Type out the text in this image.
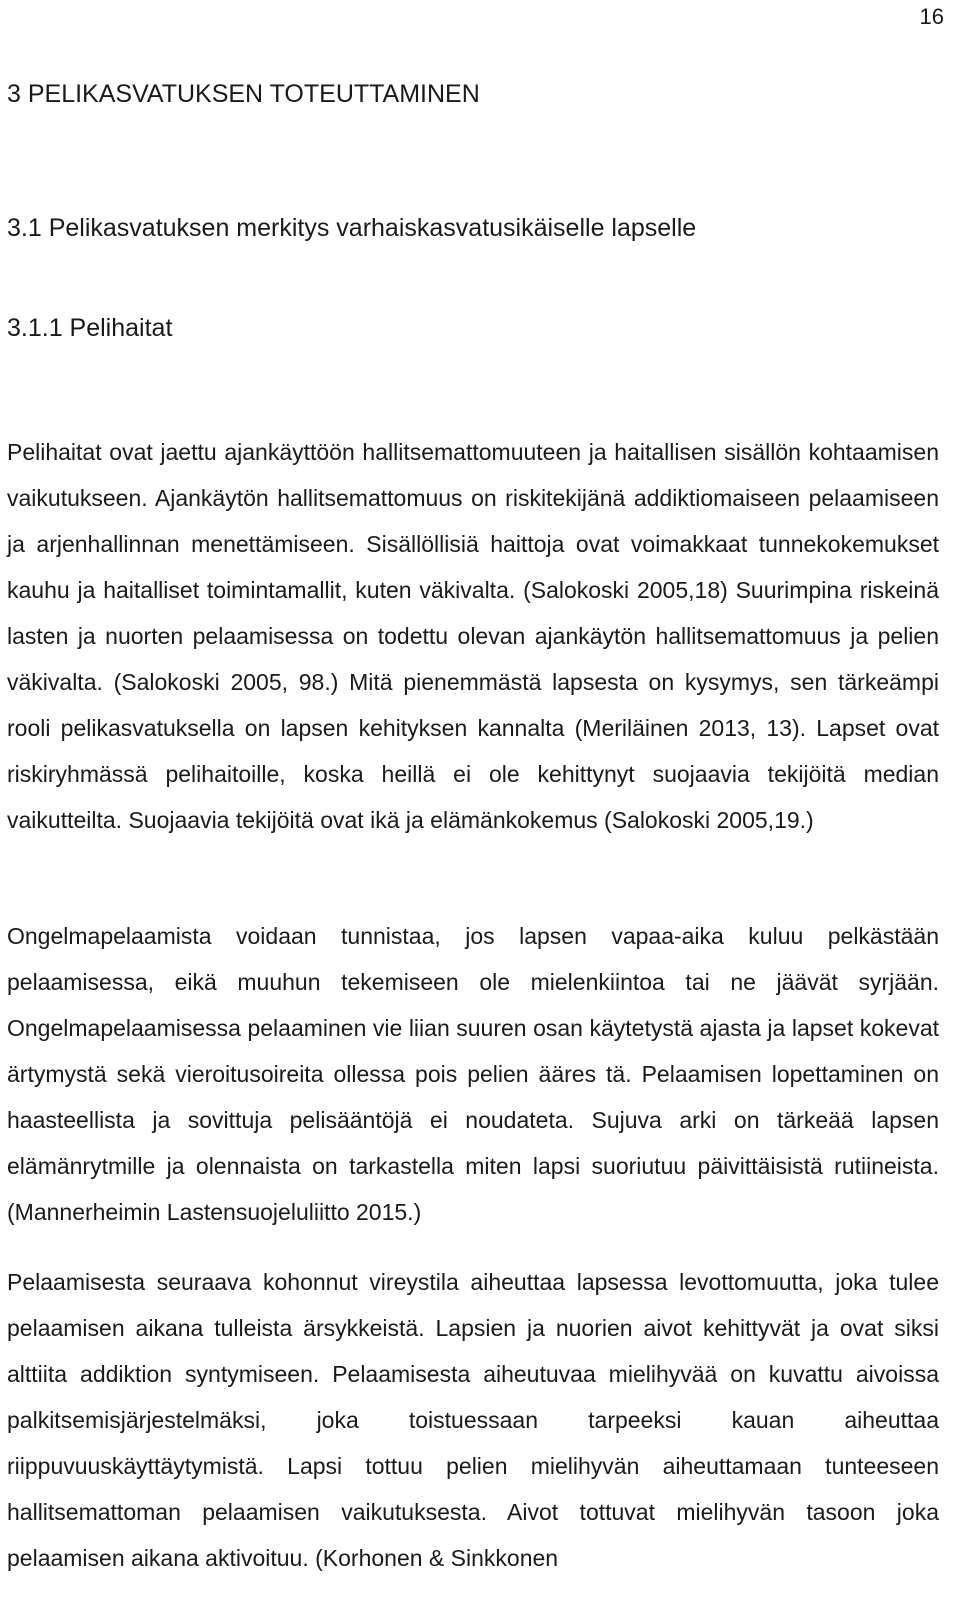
16
3 PELIKASVATUKSEN TOTEUTTAMINEN
3.1 Pelikasvatuksen merkitys varhaiskasvatusikäiselle lapselle
3.1.1 Pelihaitat

Pelihaitat ovat jaettu ajankäyttöön hallitsemattomuuteen ja haitallisen sisällön kohtaamisen vaikutukseen. Ajankäytön hallitsemattomuus on riskitekijänä addiktiomaiseen pelaamiseen ja arjenhallinnan menettämiseen. Sisällöllisiä haittoja ovat voimakkaat tunnekokemukset kauhu ja haitalliset toimintamallit, kuten väkivalta. (Salokoski 2005,18) Suurimpina riskeinä lasten ja nuorten pelaamisessa on todettu olevan ajankäytön hallitsemattomuus ja pelien väkivalta. (Salokoski 2005, 98.) Mitä pienemmästä lapsesta on kysymys, sen tärkeämpi rooli pelikasvatuksella on lapsen kehityksen kannalta (Meriläinen 2013, 13). Lapset ovat riskiryhmässä pelihaitoille, koska heillä ei ole kehittynyt suojaavia tekijöitä median vaikutteilta. Suojaavia tekijöitä ovat ikä ja elämänkokemus (Salokoski 2005,19.)

Ongelmapelaamista voidaan tunnistaa, jos lapsen vapaa-aika kuluu pelkästään pelaamisessa, eikä muuhun tekemiseen ole mielenkiintoa tai ne jäävät syrjään. Ongelmapelaamisessa pelaaminen vie liian suuren osan käytetystä ajasta ja lapset kokevat ärtymystä sekä vieroitusoireita ollessa pois pelien ääres tä. Pelaamisen lopettaminen on haasteellista ja sovittuja pelisääntöjä ei noudateta. Sujuva arki on tärkeää lapsen elämänrytmille ja olennaista on tarkastella miten lapsi suoriutuu päivittäisistä rutiineista. (Mannerheimin Lastensuojeluliitto 2015.)

Pelaamisesta seuraava kohonnut vireystila aiheuttaa lapsessa levottomuutta, joka tulee pelaamisen aikana tulleista ärsykkeistä. Lapsien ja nuorien aivot kehittyvät ja ovat siksi alttiita addiktion syntymiseen. Pelaamisesta aiheutuvaa mielihyvää on kuvattu aivoissa palkitsemisjärjestelmäksi, joka toistuessaan tarpeeksi kauan aiheuttaa riippuvuuskäyttäytymistä. Lapsi tottuu pelien mielihyvän aiheuttamaan tunteeseen hallitsemattoman pelaamisen vaikutuksesta. Aivot tottuvat mielihyvän tasoon joka pelaamisen aikana aktivoituu. (Korhonen & Sinkkonen
